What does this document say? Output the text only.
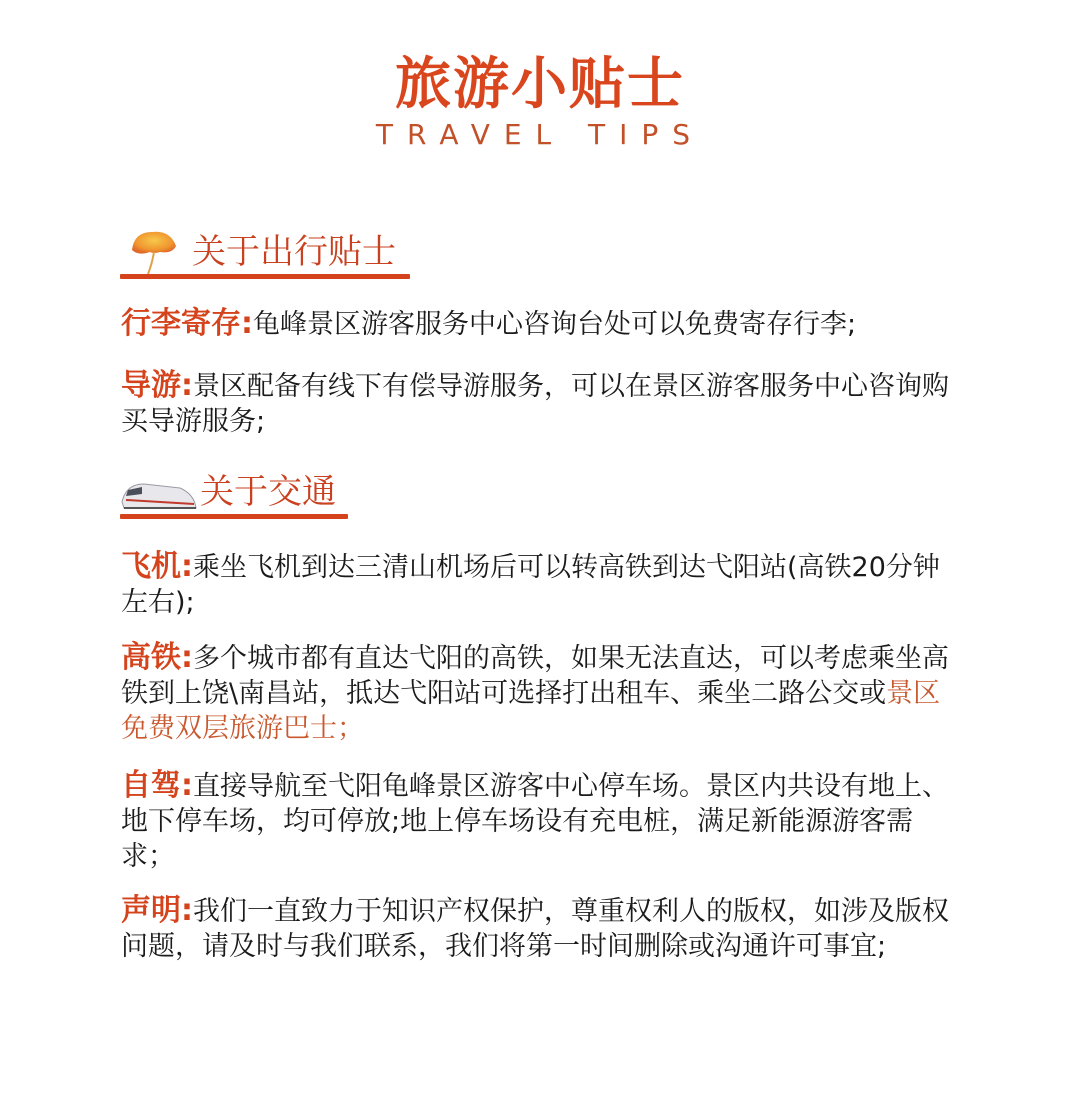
旅游小贴士
TRAVEL TIPS
关于出行贴士
行李寄存:龟峰景区游客服务中心咨询台处可以免费寄存行李;
导游:景区配备有线下有偿导游服务，可以在景区游客服务中心咨询购买导游服务;
关于交通
飞机:乘坐飞机到达三清山机场后可以转高铁到达弋阳站(高铁20分钟左右);
高铁:多个城市都有直达弋阳的高铁，如果无法直达，可以考虑乘坐高铁到上饶\南昌站，抵达弋阳站可选择打出租车、乘坐二路公交或景区免费双层旅游巴士；
自驾:直接导航至弋阳龟峰景区游客中心停车场。景区内共设有地上、地下停车场，均可停放;地上停车场设有充电桩，满足新能源游客需求；
声明:我们一直致力于知识产权保护，尊重权利人的版权，如涉及版权问题，请及时与我们联系，我们将第一时间删除或沟通许可事宜;
